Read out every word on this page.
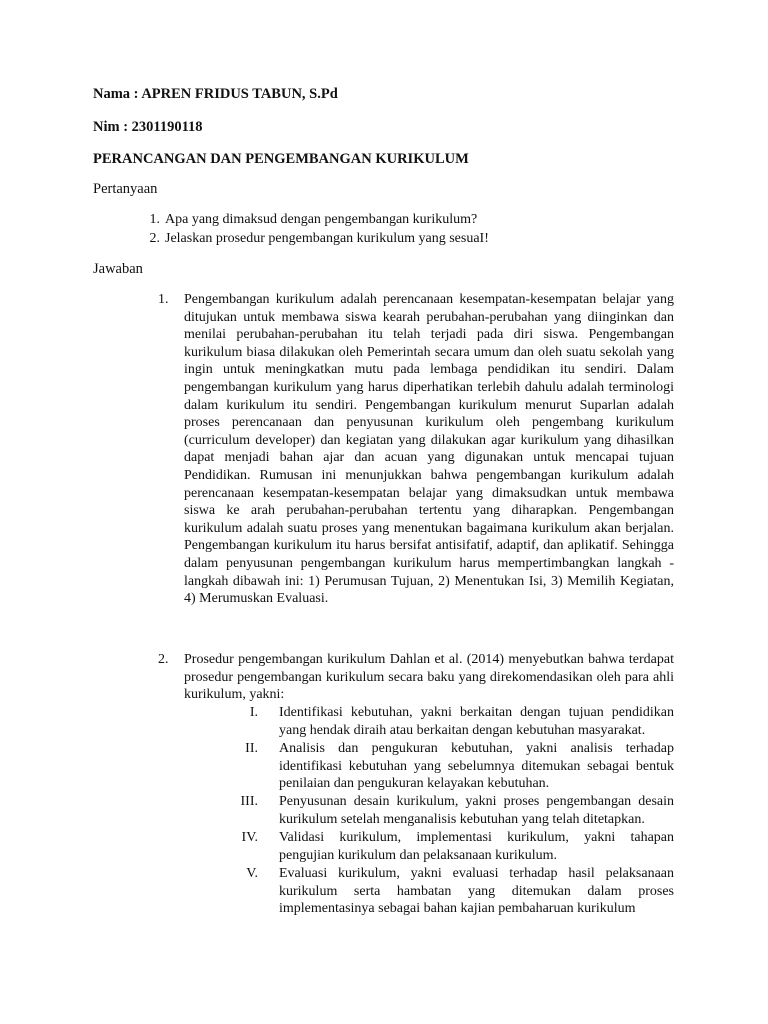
Nama : APREN FRIDUS TABUN, S.Pd

Nim : 2301190118

PERANCANGAN DAN PENGEMBANGAN KURIKULUM

Pertanyaan

1. Apa yang dimaksud dengan pengembangan kurikulum?
2. Jelaskan prosedur pengembangan kurikulum yang sesuaI!

Jawaban

1. Pengembangan kurikulum adalah perencanaan kesempatan-kesempatan belajar yang ditujukan untuk membawa siswa kearah perubahan-perubahan yang diinginkan dan menilai perubahan-perubahan itu telah terjadi pada diri siswa. Pengembangan kurikulum biasa dilakukan oleh Pemerintah secara umum dan oleh suatu sekolah yang ingin untuk meningkatkan mutu pada lembaga pendidikan itu sendiri. Dalam pengembangan kurikulum yang harus diperhatikan terlebih dahulu adalah terminologi dalam kurikulum itu sendiri. Pengembangan kurikulum menurut Suparlan adalah proses perencanaan dan penyusunan kurikulum oleh pengembang kurikulum (curriculum developer) dan kegiatan yang dilakukan agar kurikulum yang dihasilkan dapat menjadi bahan ajar dan acuan yang digunakan untuk mencapai tujuan Pendidikan. Rumusan ini menunjukkan bahwa pengembangan kurikulum adalah perencanaan kesempatan-kesempatan belajar yang dimaksudkan untuk membawa siswa ke arah perubahan-perubahan tertentu yang diharapkan. Pengembangan kurikulum adalah suatu proses yang menentukan bagaimana kurikulum akan berjalan. Pengembangan kurikulum itu harus bersifat antisifatif, adaptif, dan aplikatif. Sehingga dalam penyusunan pengembangan kurikulum harus mempertimbangkan langkah - langkah dibawah ini: 1) Perumusan Tujuan, 2) Menentukan Isi, 3) Memilih Kegiatan, 4) Merumuskan Evaluasi.

2. Prosedur pengembangan kurikulum Dahlan et al. (2014) menyebutkan bahwa terdapat prosedur pengembangan kurikulum secara baku yang direkomendasikan oleh para ahli kurikulum, yakni:

I. Identifikasi kebutuhan, yakni berkaitan dengan tujuan pendidikan yang hendak diraih atau berkaitan dengan kebutuhan masyarakat.

II. Analisis dan pengukuran kebutuhan, yakni analisis terhadap identifikasi kebutuhan yang sebelumnya ditemukan sebagai bentuk penilaian dan pengukuran kelayakan kebutuhan.

III. Penyusunan desain kurikulum, yakni proses pengembangan desain kurikulum setelah menganalisis kebutuhan yang telah ditetapkan.

IV. Validasi kurikulum, implementasi kurikulum, yakni tahapan pengujian kurikulum dan pelaksanaan kurikulum.

V. Evaluasi kurikulum, yakni evaluasi terhadap hasil pelaksanaan kurikulum serta hambatan yang ditemukan dalam proses implementasinya sebagai bahan kajian pembaharuan kurikulum
